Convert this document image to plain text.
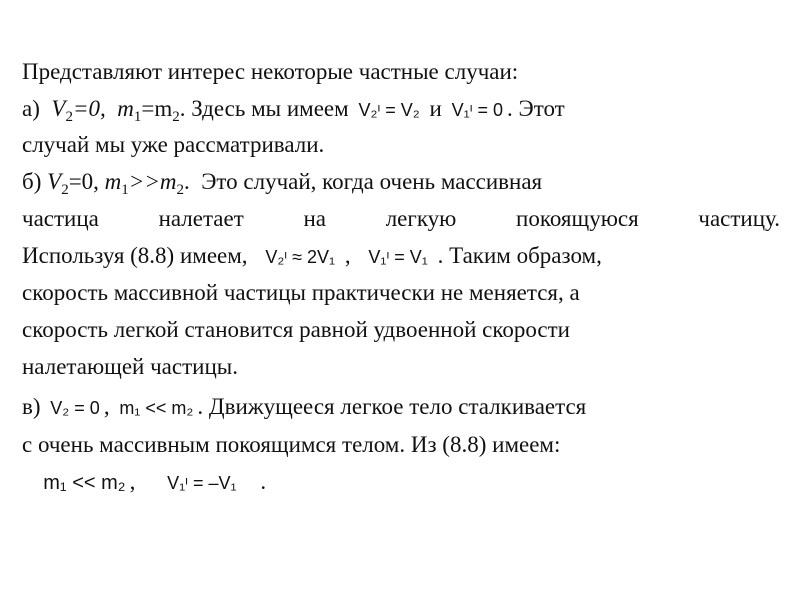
Представляют интерес некоторые частные случаи:

а) $V_2=0$, $m_1=m_2$. Здесь мы имеем V₂ᶦ = V₂ и V₁ᶦ = 0 . Этот

случай мы уже рассматривали.

б) $V_2=0$, $m_1>>m_2$. Это случай, когда очень массивная

частица налетает на легкую покоящуюся частицу.

Используя (8.8) имеем, V₂ᶦ ≈ 2V₁ , V₁ᶦ = V₁ . Таким образом,

скорость массивной частицы практически не меняется, а

скорость легкой становится равной удвоенной скорости

налетающей частицы.

в) V₂ = 0 , m₁ << m₂ . Движущееся легкое тело сталкивается

с очень массивным покоящимся телом. Из (8.8) имеем:

m₁ << m₂ , V₁ᶦ = –V₁ .
